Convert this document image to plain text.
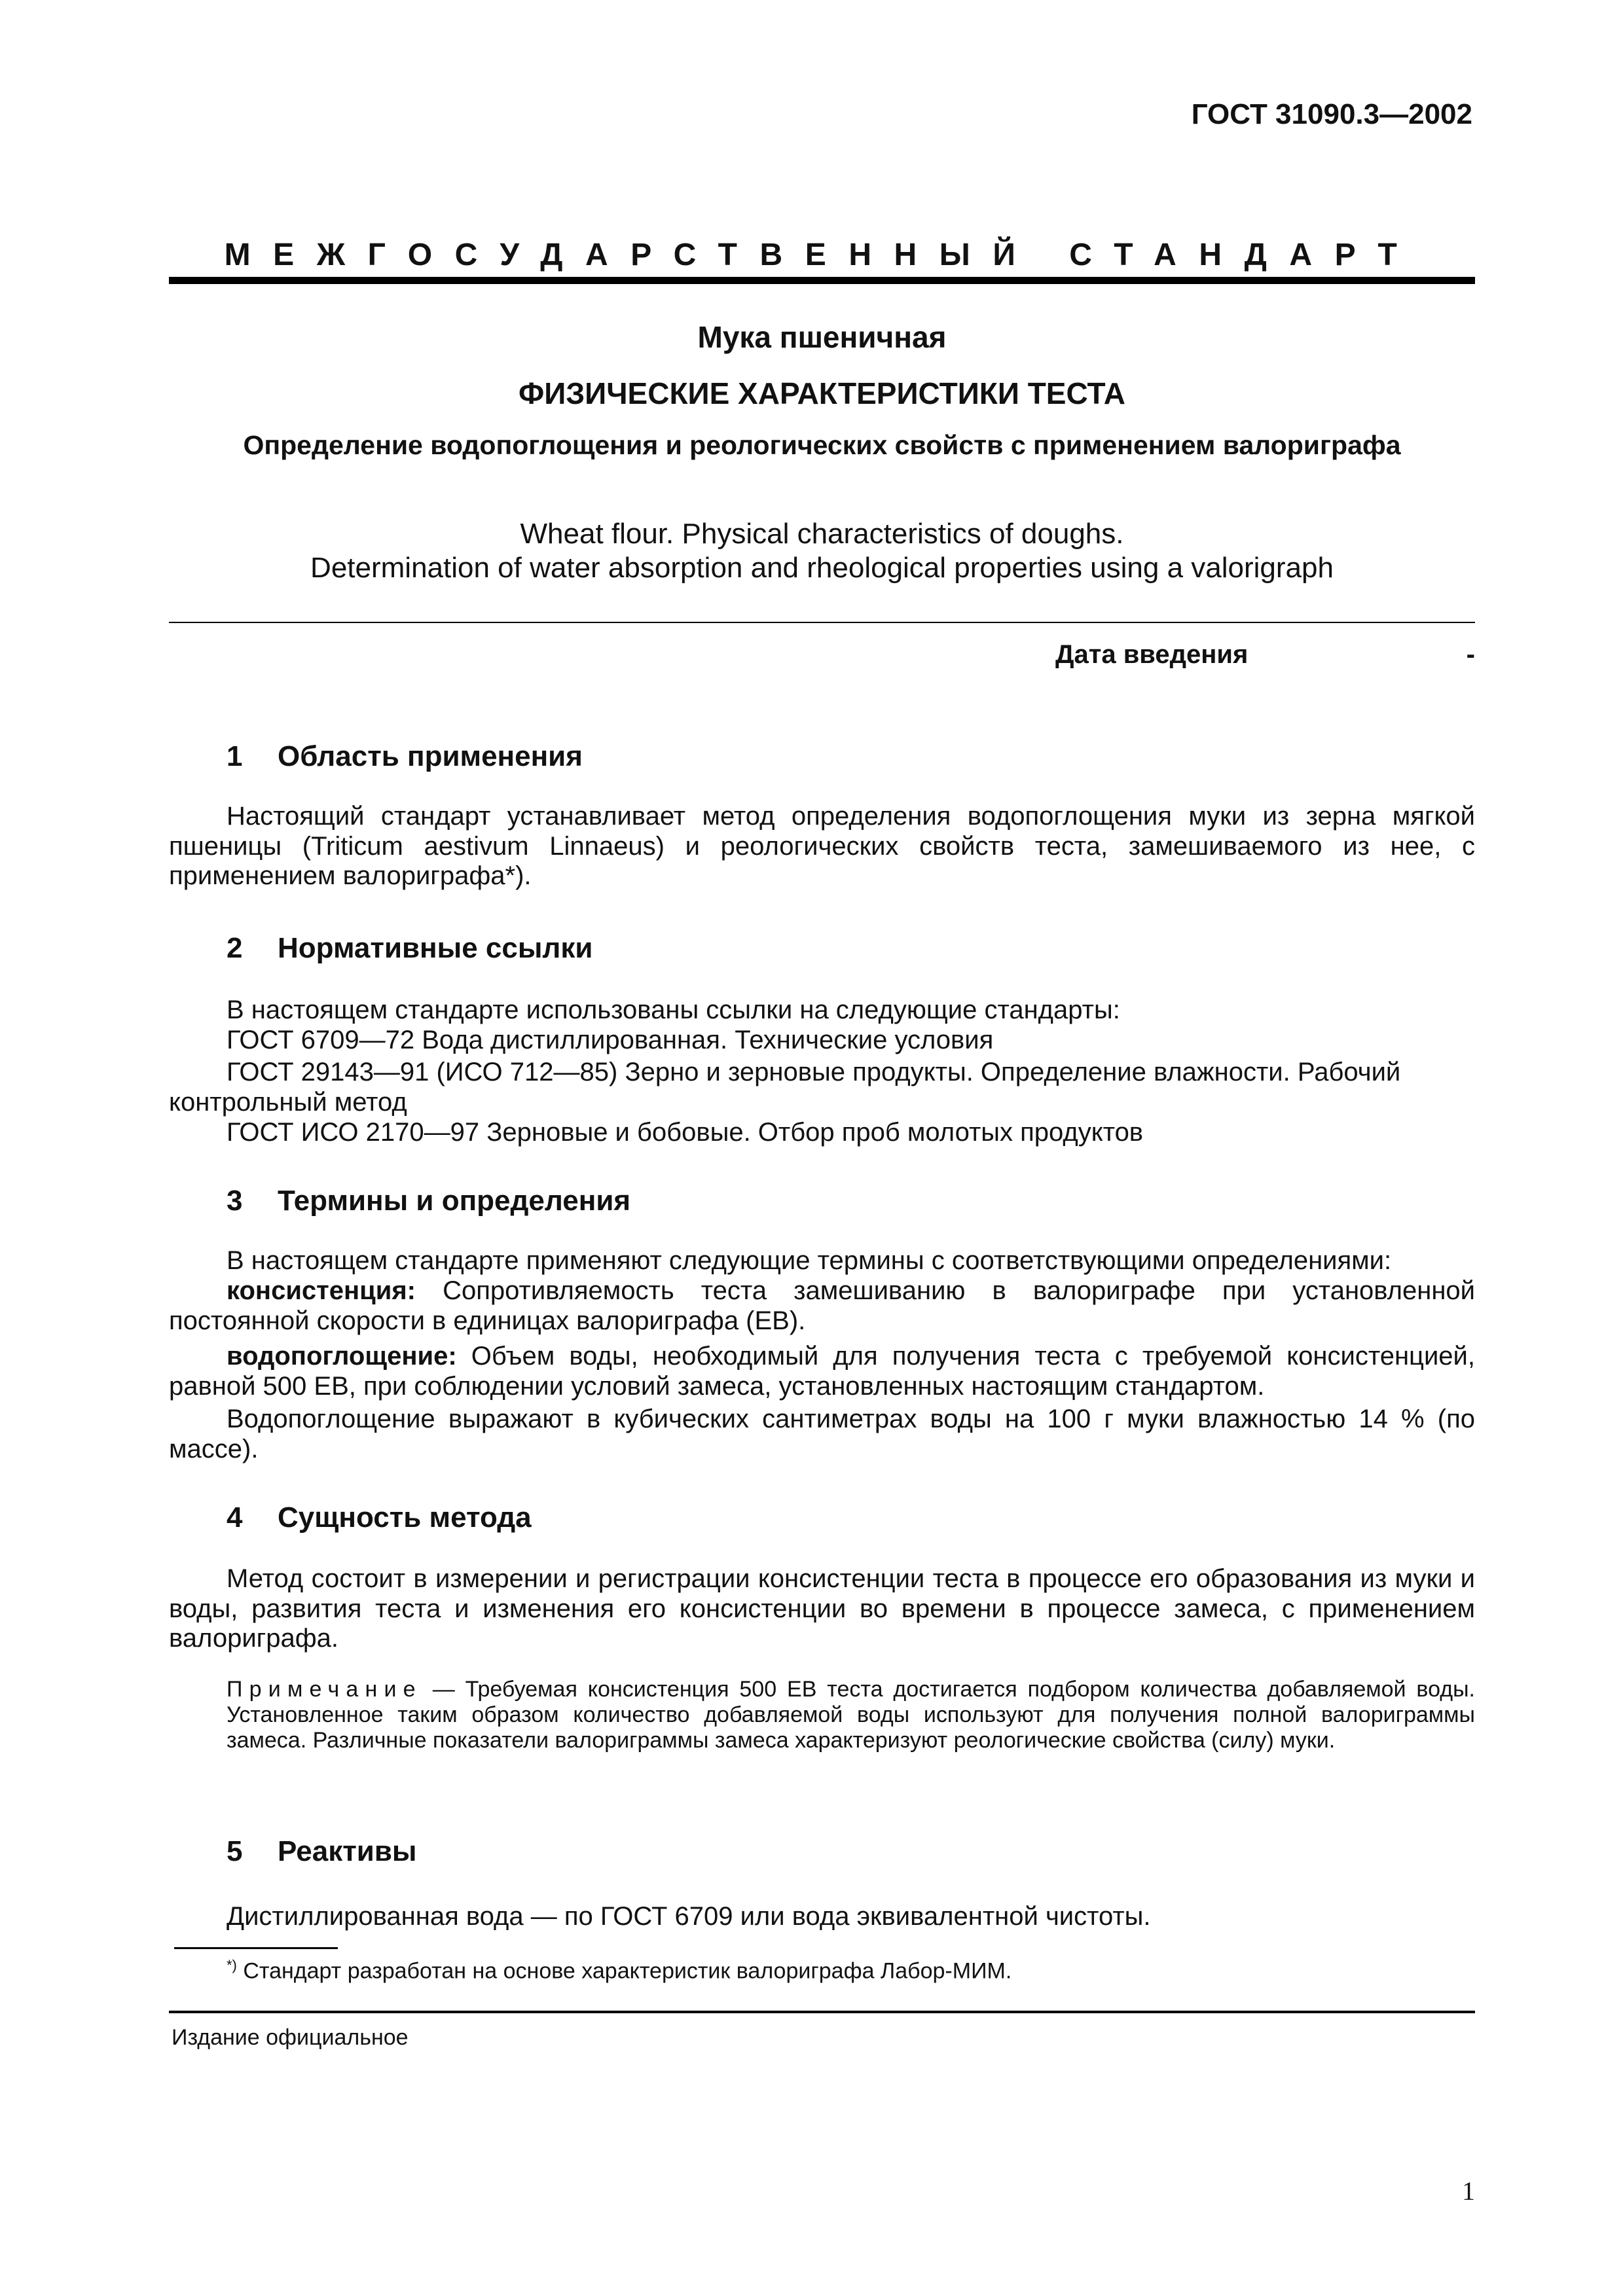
ГОСТ 31090.3—2002
МЕЖГОСУДАРСТВЕННЫЙ СТАНДАРТ
Мука пшеничная
ФИЗИЧЕСКИЕ ХАРАКТЕРИСТИКИ ТЕСТА
Определение водопоглощения и реологических свойств с применением валориграфа
Wheat flour. Physical characteristics of doughs.
Determination of water absorption and rheological properties using a valorigraph
Дата введения	-
1 Область применения

Настоящий стандарт устанавливает метод определения водопоглощения муки из зерна мягкой пшеницы (Triticum aestivum Linnaeus) и реологических свойств теста, замешиваемого из нее, с применением валориграфа*).

2 Нормативные ссылки
В настоящем стандарте использованы ссылки на следующие стандарты:
ГОСТ 6709—72 Вода дистиллированная. Технические условия
ГОСТ 29143—91 (ИСО 712—85) Зерно и зерновые продукты. Определение влажности. Рабочий
контрольный метод
ГОСТ ИСО 2170—97 Зерновые и бобовые. Отбор проб молотых продуктов
3 Термины и определения
В настоящем стандарте применяют следующие термины с соответствующими определениями:

консистенция: Сопротивляемость теста замешиванию в валориграфе при установленной постоянной скорости в единицах валориграфа (ЕВ).

водопоглощение: Объем воды, необходимый для получения теста с требуемой консистенцией, равной 500 ЕВ, при соблюдении условий замеса, установленных настоящим стандартом.

Водопоглощение выражают в кубических сантиметрах воды на 100 г муки влажностью 14 % (по массе).

4 Сущность метода

Метод состоит в измерении и регистрации консистенции теста в процессе его образования из муки и воды, развития теста и изменения его консистенции во времени в процессе замеса, с применением валориграфа.

Примечание — Требуемая консистенция 500 ЕВ теста достигается подбором количества добавляемой воды. Установленное таким образом количество добавляемой воды используют для получения полной валориграммы замеса. Различные показатели валориграммы замеса характеризуют реологические свойства (силу) муки.

5 Реактивы
Дистиллированная вода — по ГОСТ 6709 или вода эквивалентной чистоты.
*) Стандарт разработан на основе характеристик валориграфа Лабор-МИМ.
Издание официальное
1
